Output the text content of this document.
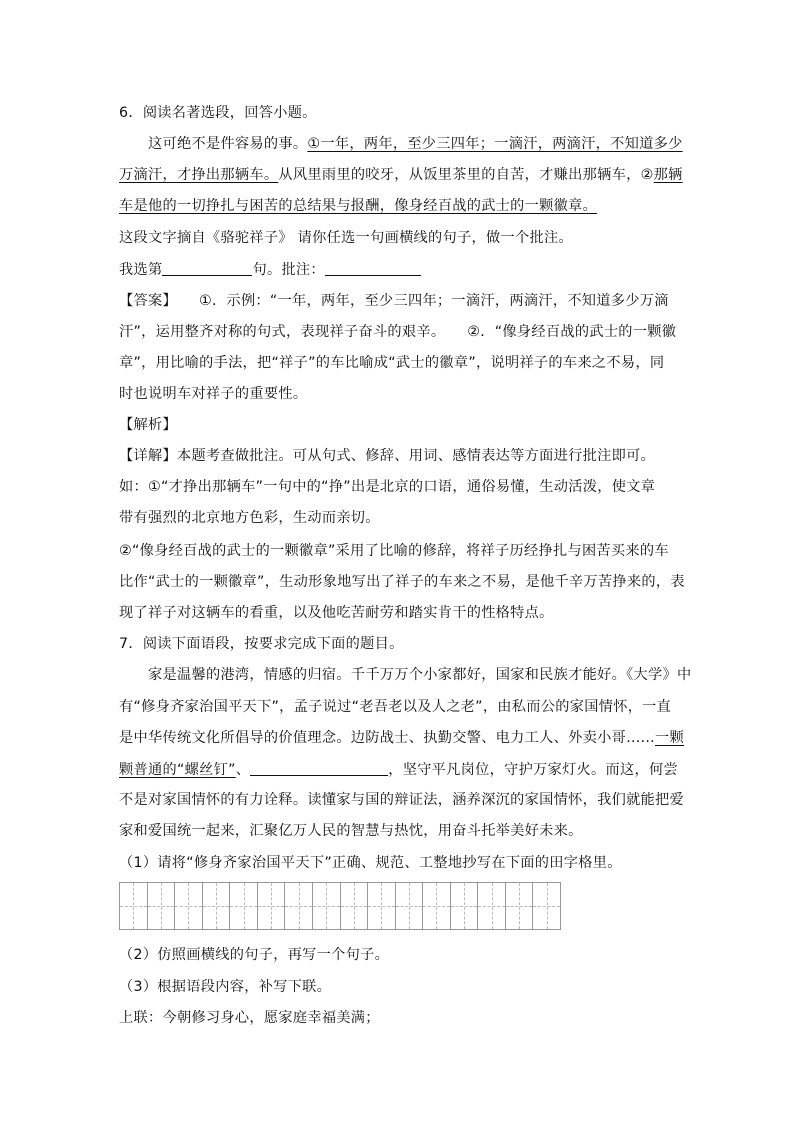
6．阅读名著选段，回答小题。
这可绝不是件容易的事。①一年，两年，至少三四年；一滴汗，两滴汗，不知道多少
万滴汗，才挣出那辆车。从风里雨里的咬牙，从饭里茶里的自苦，才赚出那辆车，②那辆
车是他的一切挣扎与困苦的总结果与报酬，像身经百战的武士的一颗徽章。
这段文字摘自《骆驼祥子》 请你任选一句画横线的句子，做一个批注。
我选第	句。批注：
【答案】 ①．示例：“一年，两年，至少三四年；一滴汗，两滴汗，不知道多少万滴
汗”，运用整齐对称的句式，表现祥子奋斗的艰辛。　　②．“像身经百战的武士的一颗徽
章”，用比喻的手法，把“祥子”的车比喻成“武士的徽章”，说明祥子的车来之不易，同
时也说明车对祥子的重要性。
【解析】
【详解】本题考查做批注。可从句式、修辞、用词、感情表达等方面进行批注即可。
如：①“才挣出那辆车”一句中的“挣”出是北京的口语，通俗易懂，生动活泼，使文章
带有强烈的北京地方色彩，生动而亲切。
②“像身经百战的武士的一颗徽章”采用了比喻的修辞，将祥子历经挣扎与困苦买来的车
比作“武士的一颗徽章”，生动形象地写出了祥子的车来之不易，是他千辛万苦挣来的，表
现了祥子对这辆车的看重，以及他吃苦耐劳和踏实肯干的性格特点。
7．阅读下面语段，按要求完成下面的题目。
家是温馨的港湾，情感的归宿。千千万万个小家都好，国家和民族才能好。《大学》中
有“修身齐家治国平天下”，孟子说过“老吾老以及人之老”，由私而公的家国情怀，一直
是中华传统文化所倡导的价值理念。边防战士、执勤交警、电力工人、外卖小哥……一颗
颗普通的“螺丝钉”、	，坚守平凡岗位，守护万家灯火。而这，何尝
不是对家国情怀的有力诠释。读懂家与国的辩证法，涵养深沉的家国情怀，我们就能把爱
家和爱国统一起来，汇聚亿万人民的智慧与热忱，用奋斗托举美好未来。
（1）请将“修身齐家治国平天下”正确、规范、工整地抄写在下面的田字格里。
（2）仿照画横线的句子，再写一个句子。
（3）根据语段内容，补写下联。
上联：今朝修习身心，愿家庭幸福美满；
